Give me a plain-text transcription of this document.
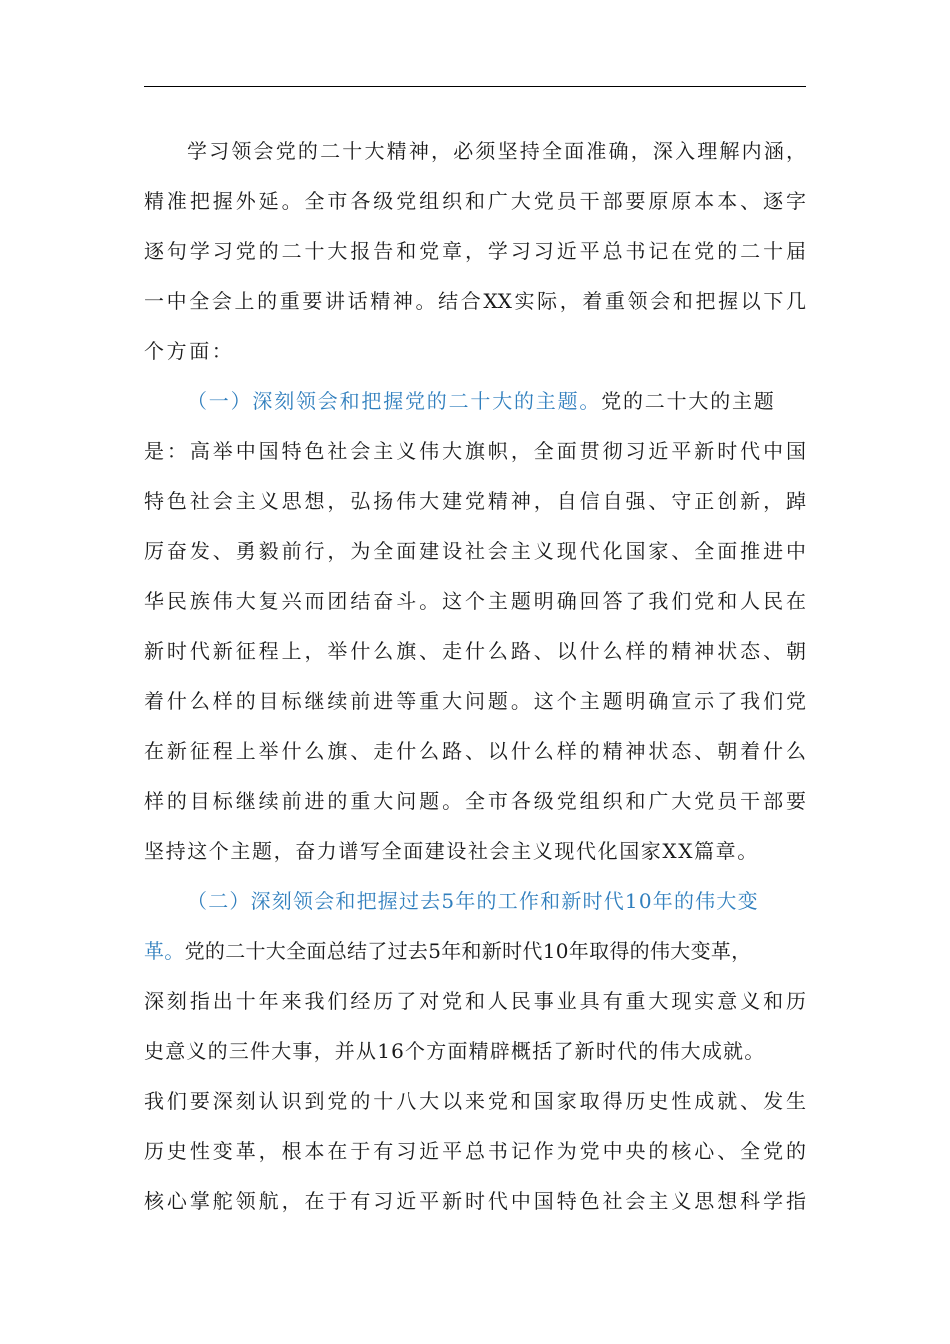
学习领会党的二十大精神，必须坚持全面准确，深入理解内涵，
精准把握外延。全市各级党组织和广大党员干部要原原本本、逐字
逐句学习党的二十大报告和党章，学习习近平总书记在党的二十届
一中全会上的重要讲话精神。结合XX实际，着重领会和把握以下几
个方面：
（一）深刻领会和把握党的二十大的主题。党的二十大的主题
是：高举中国特色社会主义伟大旗帜，全面贯彻习近平新时代中国
特色社会主义思想，弘扬伟大建党精神，自信自强、守正创新，踔
厉奋发、勇毅前行，为全面建设社会主义现代化国家、全面推进中
华民族伟大复兴而团结奋斗。这个主题明确回答了我们党和人民在
新时代新征程上，举什么旗、走什么路、以什么样的精神状态、朝
着什么样的目标继续前进等重大问题。这个主题明确宣示了我们党
在新征程上举什么旗、走什么路、以什么样的精神状态、朝着什么
样的目标继续前进的重大问题。全市各级党组织和广大党员干部要
坚持这个主题，奋力谱写全面建设社会主义现代化国家XX篇章。
（二）深刻领会和把握过去5年的工作和新时代10年的伟大变
革。党的二十大全面总结了过去5年和新时代10年取得的伟大变革，
深刻指出十年来我们经历了对党和人民事业具有重大现实意义和历
史意义的三件大事，并从16个方面精辟概括了新时代的伟大成就。
我们要深刻认识到党的十八大以来党和国家取得历史性成就、发生
历史性变革，根本在于有习近平总书记作为党中央的核心、全党的
核心掌舵领航，在于有习近平新时代中国特色社会主义思想科学指
